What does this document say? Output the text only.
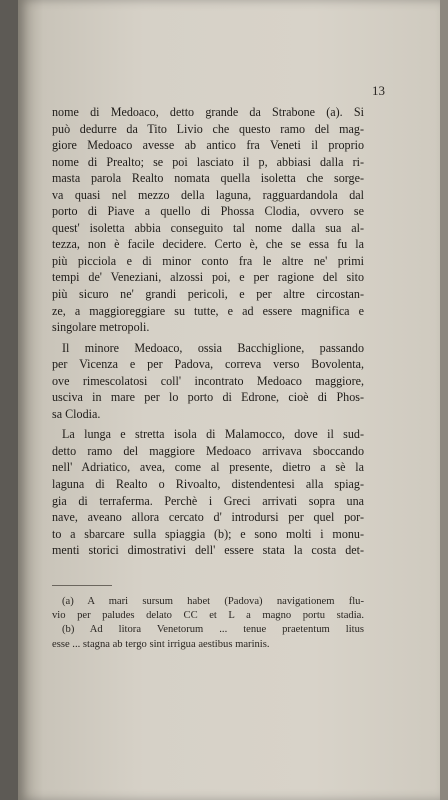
13

nome di Medoaco, detto grande da Strabone (a). Si
può dedurre da Tito Livio che questo ramo del mag-
giore Medoaco avesse ab antico fra Veneti il proprio
nome di Prealto; se poi lasciato il p, abbiasi dalla ri-
masta parola Realto nomata quella isoletta che sorge-
va quasi nel mezzo della laguna, ragguardandola dal
porto di Piave a quello di Phossa Clodia, ovvero se
quest' isoletta abbia conseguito tal nome dalla sua al-
tezza, non è facile decidere. Certo è, che se essa fu la
più picciola e di minor conto fra le altre ne' primi
tempi de' Veneziani, alzossi poi, e per ragione del sito
più sicuro ne' grandi pericoli, e per altre circostan-
ze, a maggioreggiare su tutte, e ad essere magnifica e
singolare metropoli.

Il minore Medoaco, ossia Bacchiglione, passando
per Vicenza e per Padova, correva verso Bovolenta,
ove rimescolatosi coll' incontrato Medoaco maggiore,
usciva in mare per lo porto di Edrone, cioè di Phos-
sa Clodia.

La lunga e stretta isola di Malamocco, dove il sud-
detto ramo del maggiore Medoaco arrivava sboccando
nell' Adriatico, avea, come al presente, dietro a sè la
laguna di Realto o Rivoalto, distendentesi alla spiag-
gia di terraferma. Perchè i Greci arrivati sopra una
nave, aveano allora cercato d' introdursi per quel por-
to a sbarcare sulla spiaggia (b); e sono molti i monu-
menti storici dimostrativi dell' essere stata la costa det-

(a) A mari sursum habet (Padova) navigationem flu-
vio per paludes delato CC et L a magno portu stadia.
(b) Ad litora Venetorum ... tenue praetentum litus
esse ... stagna ab tergo sint irrigua aestibus marinis.
